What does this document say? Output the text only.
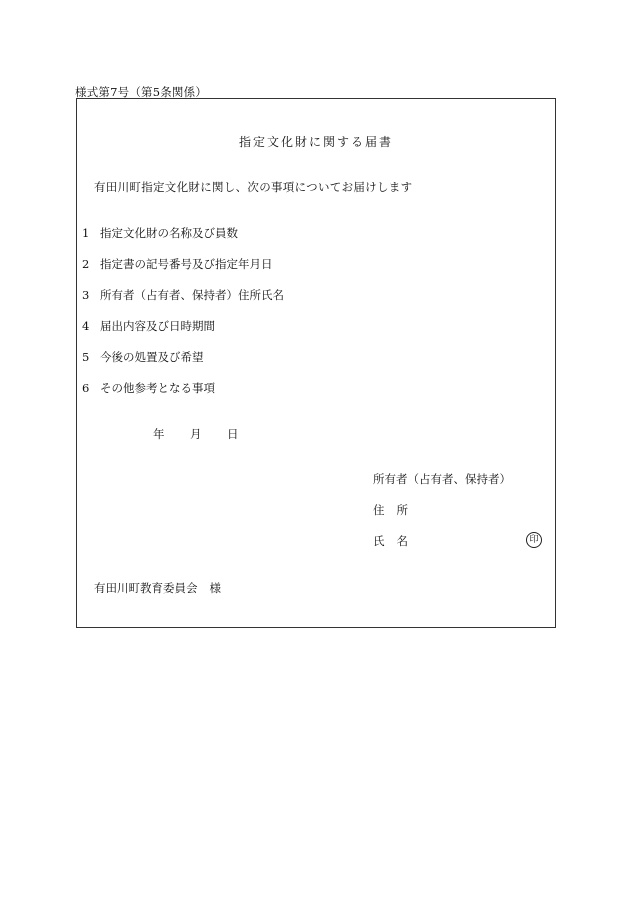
様式第7号（第5条関係）
指定文化財に関する届書
有田川町指定文化財に関し、次の事項についてお届けします
1 指定文化財の名称及び員数
2 指定書の記号番号及び指定年月日
3 所有者（占有者、保持者）住所氏名
4 届出内容及び日時期間
5 今後の処置及び希望
6 その他参考となる事項
年 月 日
所有者（占有者、保持者）
住 所
氏 名	印
有田川町教育委員会 様
